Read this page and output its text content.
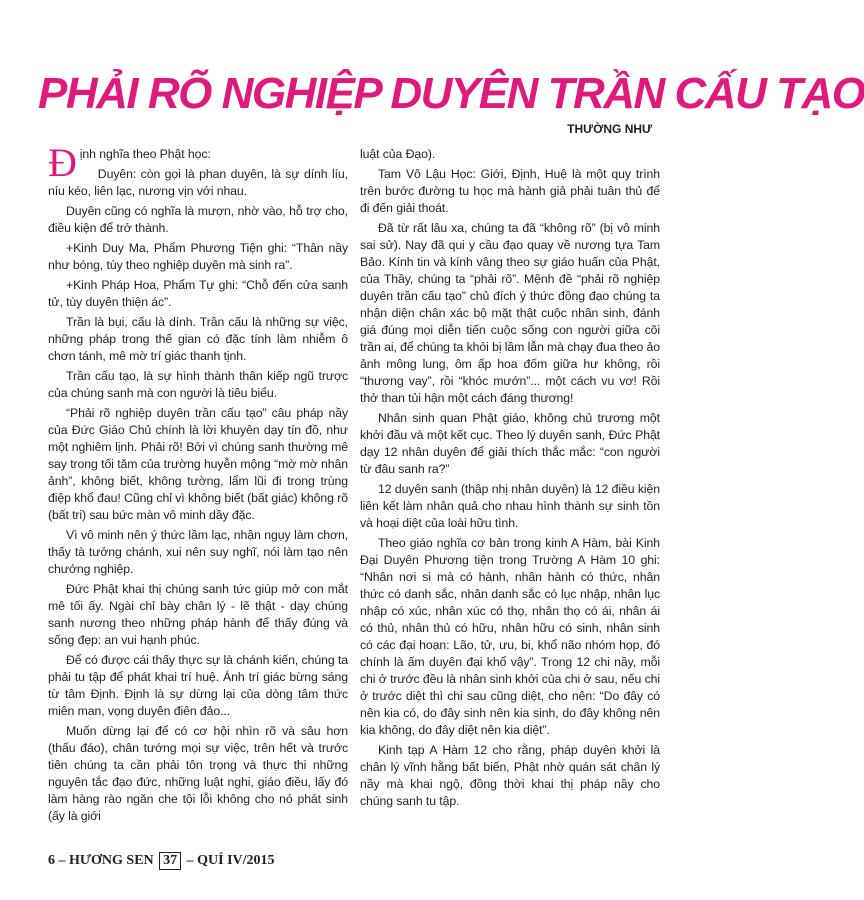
PHẢI RÕ NGHIỆP DUYÊN TRẦN CẤU TẠO
THƯỜNG NHƯ

Định nghĩa theo Phật học:

Duyên: còn gọi là phan duyên, là sự dính líu, níu kéo, liên lạc, nương vịn với nhau.

Duyên cũng có nghĩa là mượn, nhờ vào, hỗ trợ cho, điều kiện để trở thành.

+Kinh Duy Ma, Phẩm Phương Tiện ghi: “Thân nầy như bóng, tùy theo nghiệp duyên mà sinh ra”.

+Kinh Pháp Hoa, Phẩm Tự ghi: “Chỗ đến cửa sanh tử, tùy duyên thiện ác”.

Trần là bụi, cấu là dính. Trần cấu là những sự việc, những pháp trong thế gian có đặc tính làm nhiễm ô chơn tánh, mê mờ trí giác thanh tịnh.

Trần cấu tạo, là sự hình thành thân kiếp ngũ trược của chúng sanh mà con người là tiêu biểu.

“Phải rõ nghiệp duyên trần cấu tạo” câu pháp nầy của Đức Giáo Chủ chính là lời khuyên dạy tín đồ, như một nghiêm lịnh. Phải rõ! Bởi vì chúng sanh thường mê say trong tối tăm của trường huyễn mộng “mờ mờ nhân ảnh”, không biết, không tường, lẩm lũi đi trong trùng điệp khổ đau! Cũng chỉ vì không biết (bất giác) không rõ (bất tri) sau bức màn vô minh dầy đặc.

Vì vô minh nên ý thức lầm lạc, nhận ngụy làm chơn, thấy tà tưởng chánh, xui nên suy nghĩ, nói làm tạo nên chướng nghiệp.

Đức Phật khai thị chúng sanh tức giúp mở con mắt mê tối ấy. Ngài chỉ bày chân lý - lẽ thật - dạy chúng sanh nương theo những pháp hành để thấy đúng và sống đẹp: an vui hạnh phúc.

Để có được cái thấy thực sự là chánh kiến, chúng ta phải tu tập để phát khai trí huệ. Ánh trí giác bừng sáng từ tâm Định. Định là sự dừng lại của dòng tâm thức miên man, vọng duyên điên đảo...

Muốn dừng lại để có cơ hội nhìn rõ và sâu hơn (thấu đáo), chân tướng mọi sự việc, trên hết và trước tiên chúng ta cần phải tôn trọng và thực thi những nguyên tắc đạo đức, những luật nghi, giáo điều, lấy đó làm hàng rào ngăn che tội lỗi không cho nó phát sinh (ấy là giới

luật của Đạo).

Tam Vô Lậu Học: Giới, Định, Huệ là một quy trình trên bước đường tu học mà hành giả phải tuân thủ để đi đến giải thoát.

Đã từ rất lâu xa, chúng ta đã “không rõ” (bị vô minh sai sử). Nay đã qui y cầu đạo quay về nương tựa Tam Bảo. Kính tin và kính vâng theo sự giáo huấn của Phật, của Thầy, chúng ta “phải rõ”. Mệnh đề “phải rõ nghiệp duyên trần cấu tạo” chủ đích ý thức đồng đạo chúng ta nhận diện chân xác bộ mặt thật cuộc nhân sinh, đánh giá đúng mọi diễn tiến cuộc sống con người giữa cõi trần ai, để chúng ta khỏi bị lầm lẫn mà chạy đua theo ảo ảnh mông lung, ôm ấp hoa đốm giữa hư không, rồi “thương vay”, rồi “khóc mướn”... một cách vu vơ! Rồi thở than tủi hận một cách đáng thương!

Nhân sinh quan Phật giáo, không chủ trương một khởi đầu và một kết cục. Theo lý duyên sanh, Đức Phật dạy 12 nhân duyên để giải thích thắc mắc: “con người từ đâu sanh ra?”

12 duyên sanh (thập nhị nhân duyên) là 12 điều kiện liên kết làm nhân quả cho nhau hình thành sự sinh tồn và hoại diệt của loài hữu tình.

Theo giáo nghĩa cơ bản trong kinh A Hàm, bài Kinh Đại Duyên Phương tiện trong Trường A Hàm 10 ghi: “Nhân nơi si mà có hành, nhân hành có thức, nhân thức có danh sắc, nhân danh sắc có lục nhập, nhân lục nhập có xúc, nhân xúc có thọ, nhân thọ có ái, nhân ái có thủ, nhân thủ có hữu, nhân hữu có sinh, nhân sinh có các đại hoạn: Lão, tử, ưu, bi, khổ não nhóm họp, đó chính là ấm duyên đại khổ vậy”. Trong 12 chi nầy, mỗi chi ở trước đều là nhân sinh khởi của chi ở sau, nếu chi ở trước diệt thì chi sau cũng diệt, cho nên: “Do đây có nên kia có, do đây sinh nên kia sinh, do đây không nên kia không, do đây diệt nên kia diệt”.

Kinh tạp A Hàm 12 cho rằng, pháp duyên khởi là chân lý vĩnh hằng bất biến, Phật nhờ quán sát chân lý nầy mà khai ngộ, đồng thời khai thị pháp nầy cho chúng sanh tu tập.

6 – HƯƠNG SEN 37 – QUÍ IV/2015
